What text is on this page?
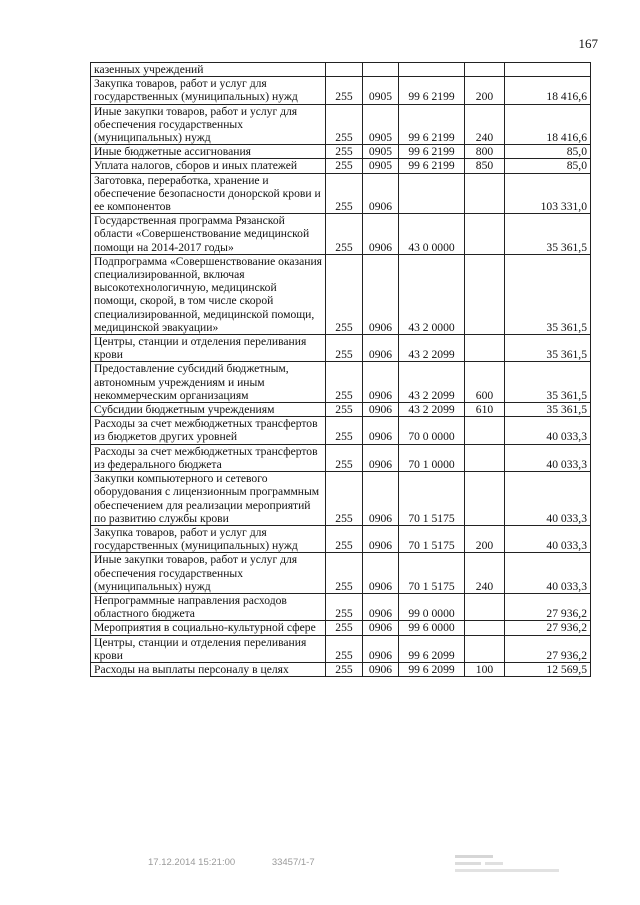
167
казенных учреждений					
Закупка товаров, работ и услуг для государственных (муниципальных) нужд	255	0905	99 6 2199	200	18 416,6
Иные закупки товаров, работ и услуг для обеспечения государственных (муниципальных) нужд	255	0905	99 6 2199	240	18 416,6
Иные бюджетные ассигнования	255	0905	99 6 2199	800	85,0
Уплата налогов, сборов и иных платежей	255	0905	99 6 2199	850	85,0
Заготовка, переработка, хранение и обеспечение безопасности донорской крови и ее компонентов	255	0906			103 331,0
Государственная программа Рязанской области «Совершенствование медицинской помощи на 2014-2017 годы»	255	0906	43 0 0000		35 361,5
Подпрограмма «Совершенствование оказания специализированной, включая высокотехнологичную, медицинской помощи, скорой, в том числе скорой специализированной, медицинской помощи, медицинской эвакуации»	255	0906	43 2 0000		35 361,5
Центры, станции и отделения переливания крови	255	0906	43 2 2099		35 361,5
Предоставление субсидий бюджетным, автономным учреждениям и иным некоммерческим организациям	255	0906	43 2 2099	600	35 361,5
Субсидии бюджетным учреждениям	255	0906	43 2 2099	610	35 361,5
Расходы за счет межбюджетных трансфертов из бюджетов других уровней	255	0906	70 0 0000		40 033,3
Расходы за счет межбюджетных трансфертов из федерального бюджета	255	0906	70 1 0000		40 033,3
Закупки компьютерного и сетевого оборудования с лицензионным программным обеспечением для реализации мероприятий по развитию службы крови	255	0906	70 1 5175		40 033,3
Закупка товаров, работ и услуг для государственных (муниципальных) нужд	255	0906	70 1 5175	200	40 033,3
Иные закупки товаров, работ и услуг для обеспечения государственных (муниципальных) нужд	255	0906	70 1 5175	240	40 033,3
Непрограммные направления расходов областного бюджета	255	0906	99 0 0000		27 936,2
Мероприятия в социально-культурной сфере	255	0906	99 6 0000		27 936,2
Центры, станции и отделения переливания крови	255	0906	99 6 2099		27 936,2
Расходы на выплаты персоналу в целях	255	0906	99 6 2099	100	12 569,5
17.12.2014 15:21:00	33457/1-7
